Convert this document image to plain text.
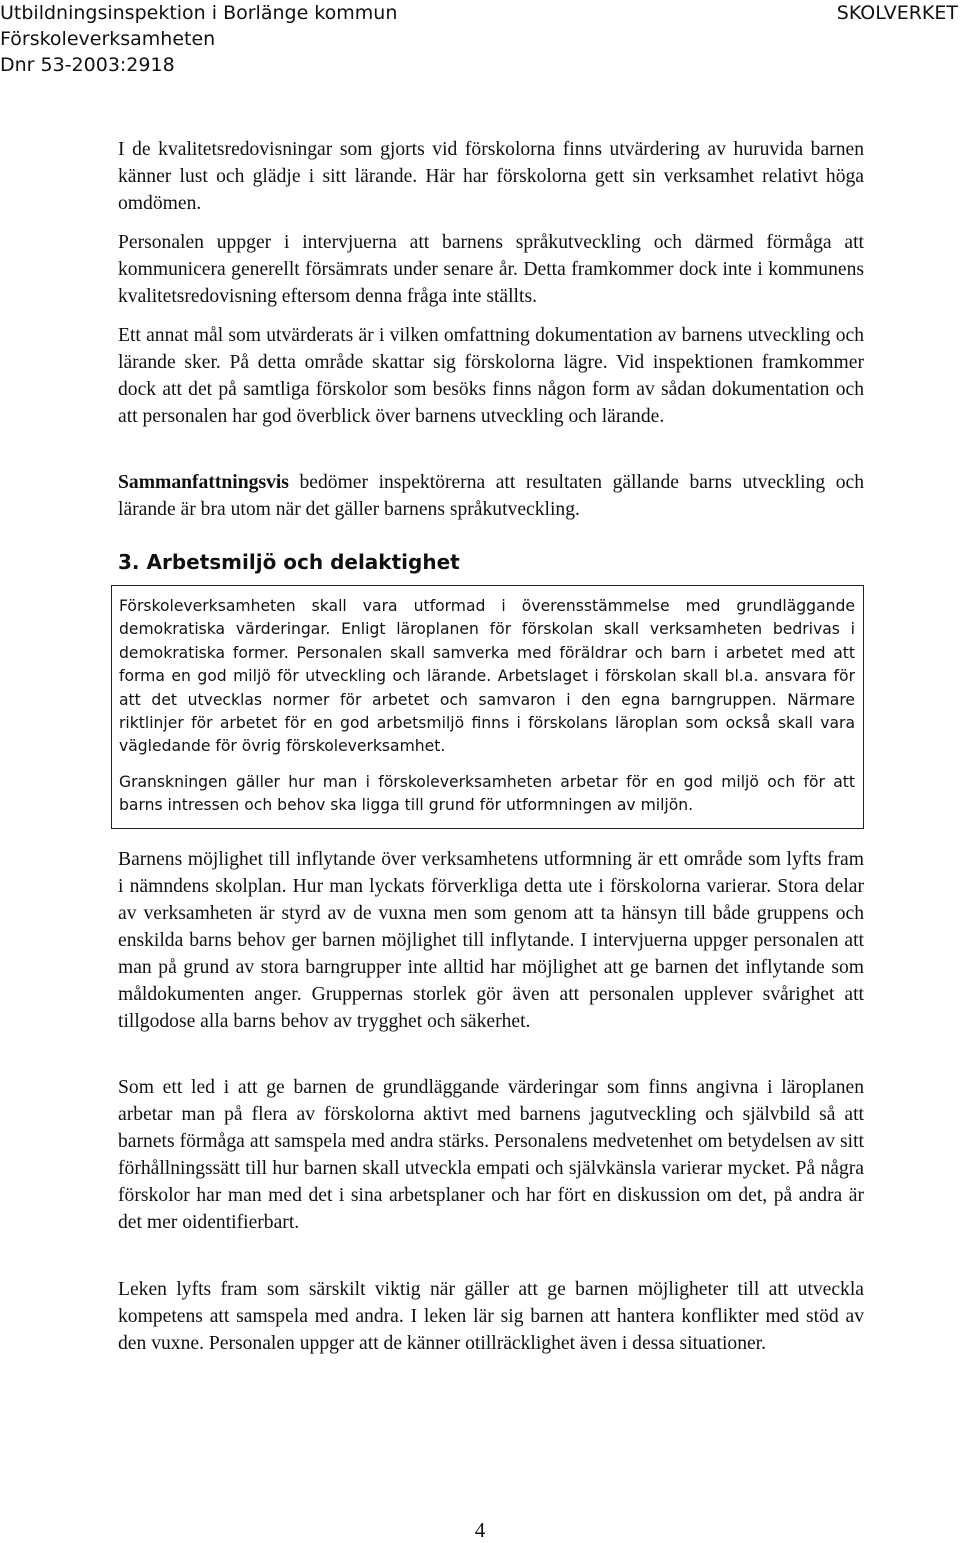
Utbildningsinspektion i Borlänge kommun
Förskoleverksamheten
Dnr 53-2003:2918
SKOLVERKET

I de kvalitetsredovisningar som gjorts vid förskolorna finns utvärdering av huruvida barnen känner lust och glädje i sitt lärande. Här har förskolorna gett sin verksamhet relativt höga omdömen.

Personalen uppger i intervjuerna att barnens språkutveckling och därmed förmåga att kommunicera generellt försämrats under senare år. Detta framkommer dock inte i kommunens kvalitetsredovisning eftersom denna fråga inte ställts.

Ett annat mål som utvärderats är i vilken omfattning dokumentation av barnens utveckling och lärande sker. På detta område skattar sig förskolorna lägre. Vid inspektionen framkommer dock att det på samtliga förskolor som besöks finns någon form av sådan dokumentation och att personalen har god överblick över barnens utveckling och lärande.

Sammanfattningsvis bedömer inspektörerna att resultaten gällande barns utveckling och lärande är bra utom när det gäller barnens språkutveckling.

3. Arbetsmiljö och delaktighet

Förskoleverksamheten skall vara utformad i överensstämmelse med grundläggande demokratiska värderingar. Enligt läroplanen för förskolan skall verksamheten bedrivas i demokratiska former. Personalen skall samverka med föräldrar och barn i arbetet med att forma en god miljö för utveckling och lärande. Arbetslaget i förskolan skall bl.a. ansvara för att det utvecklas normer för arbetet och samvaron i den egna barngruppen. Närmare riktlinjer för arbetet för en god arbetsmiljö finns i förskolans läroplan som också skall vara vägledande för övrig förskoleverksamhet.

Granskningen gäller hur man i förskoleverksamheten arbetar för en god miljö och för att barns intressen och behov ska ligga till grund för utformningen av miljön.

Barnens möjlighet till inflytande över verksamhetens utformning är ett område som lyfts fram i nämndens skolplan. Hur man lyckats förverkliga detta ute i förskolorna varierar. Stora delar av verksamheten är styrd av de vuxna men som genom att ta hänsyn till både gruppens och enskilda barns behov ger barnen möjlighet till inflytande. I intervjuerna uppger personalen att man på grund av stora barngrupper inte alltid har möjlighet att ge barnen det inflytande som måldokumenten anger. Gruppernas storlek gör även att personalen upplever svårighet att tillgodose alla barns behov av trygghet och säkerhet.

Som ett led i att ge barnen de grundläggande värderingar som finns angivna i läroplanen arbetar man på flera av förskolorna aktivt med barnens jagutveckling och självbild så att barnets förmåga att samspela med andra stärks. Personalens medvetenhet om betydelsen av sitt förhållningssätt till hur barnen skall utveckla empati och självkänsla varierar mycket. På några förskolor har man med det i sina arbetsplaner och har fört en diskussion om det, på andra är det mer oidentifierbart.

Leken lyfts fram som särskilt viktig när gäller att ge barnen möjligheter till att utveckla kompetens att samspela med andra. I leken lär sig barnen att hantera konflikter med stöd av den vuxne. Personalen uppger att de känner otillräcklighet även i dessa situationer.

4
